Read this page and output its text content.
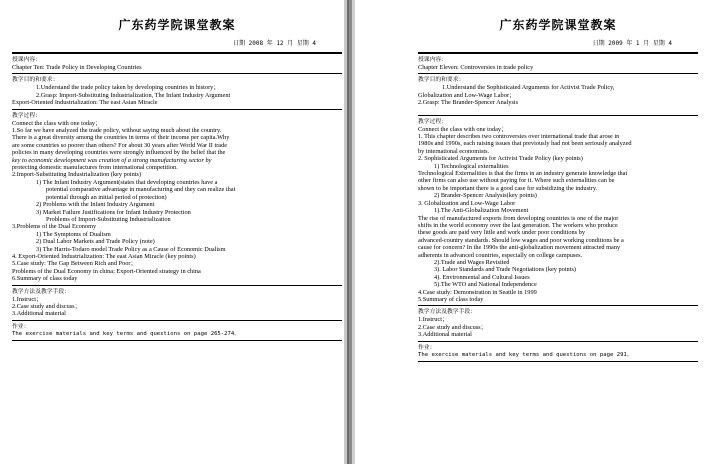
广东药学院课堂教案
日期 2008 年 12 月 星期 4
授课内容：
Chapter Ten: Trade Policy in Developing Countries
教学目的和要求：
1.Understand the trade policy taken by developing countries in history；
2.Grasp: Import-Substituting Industrialization, The Infant Industry Argument
Export-Oriented Industrialization: The east Asian Miracle
教学过程：
Connect the class with one today；
1.So far we have analyzed the trade policy, without saying much about the country.
There is a great diversity among the countries in terms of their income per capita.Why
are some countries so poorer than others? For about 30 years after World War II trade
policies in many developing countries were strongly influenced by the belief that the
key to economic development was creation of a strong manufacturing sector by
protecting domestic manufactures from international competition.
2.Import-Substituting Industrialization (key points)
1) The Infant Industry Argument(states that developing countries have a
potential comparative advantage in manufacturing and they can realize that
potential through an initial period of protection)
2) Problems with the Infant Industry Argument
3) Market Failure Justifications for Infant Industry Protection
Problems of Import-Substituting Industrialization
3.Problems of the Dual Economy
1) The Symptoms of Dualism
2) Dual Labor Markets and Trade Policy (note)
3) The Harris-Todaro model Trade Policy as a Cause of Economic Dualism
4. Export-Oriented Industrialization: The east Asian Miracle (key points)
5.Case study: The Gap Between Rich and Poor；
Problems of the Dual Economy in china; Export-Oriented strategy in china
6.Summary of class today
教学方法及教学手段：
1.Instruct；
2.Case study and discuss；
3.Additional material
作业：
The exercise materials and key terms and questions on page 265-274。
广东药学院课堂教案
日期 2009 年 1 月 星期 4
授课内容：
Chapter Eleven: Controversies in trade policy
教学目的和要求：
1.Understand the Sophisticated Arguments for Activist Trade Policy,
Globalization and Low-Wage Labor；
2.Grasp: The Brander-Spencer Analysis
教学过程：
Connect the class with one today；
1. This chapter describes two controversies over international trade that arose in
1980s and 1990s, each raising issues that previously had not been seriously analyzed
by international economists.
2. Sophisticated Arguments for Activist Trade Policy (key points)
1) Technological externalities
Technological Externalities is that the firms in an industry generate knowledge that
other firms can also use without paying for it. Where such externalities can be
shown to be important there is a good case for subsidizing the industry.
2) Brander-Spencer Analysis(key points)
3. Globalization and Low-Wage Labor
1).The Anti-Globalization Movement
The rise of manufactured exports from developing countries is one of the major
shifts in the world economy over the last generation. The workers who produce
these goods are paid very little and work under poor conditions by
advanced-country standards. Should low wages and poor working conditions be a
cause for concern? In the 1990s the anti-globalization movement attracted many
adherents in advanced countries, especially on college campuses.
2).Trade and Wages Revisited
3). Labor Standards and Trade Negotiations (key points)
4). Environmental and Cultural Issues
5).The WTO and National Independence
4.Case study: Demonstration in Seattle in 1999
5.Summary of class today
教学方法及教学手段：
1.Instruct；
2.Case study and discuss；
3.Additional material
作业：
The exercise materials and key terms and questions on page 291。
